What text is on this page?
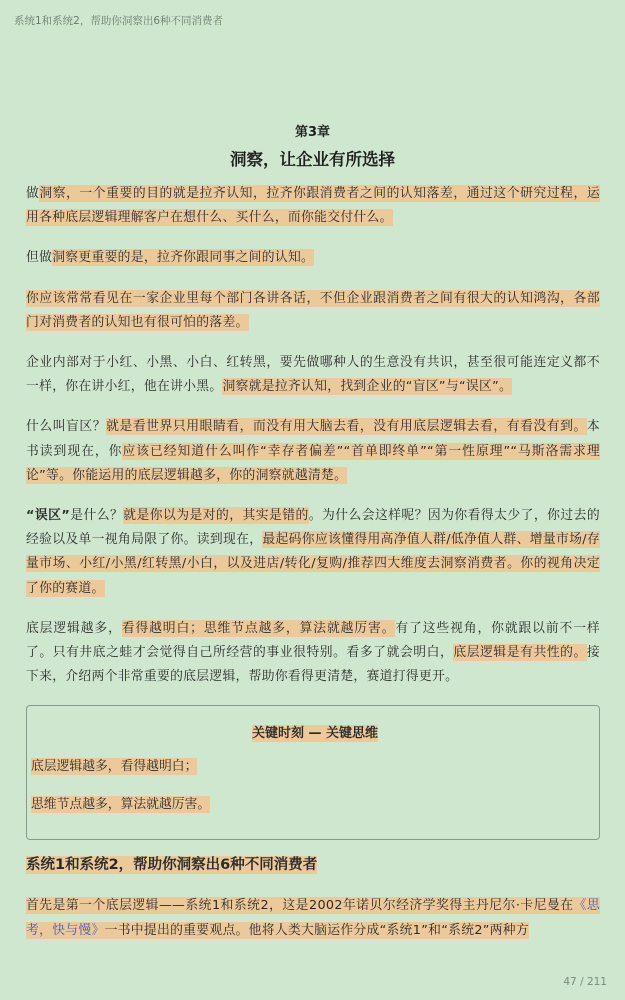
系统1和系统2，帮助你洞察出6种不同消费者
第3章
洞察，让企业有所选择

做洞察，一个重要的目的就是拉齐认知，拉齐你跟消费者之间的认知落差，通过这个研究过程，运用各种底层逻辑理解客户在想什么、买什么，而你能交付什么。

但做洞察更重要的是，拉齐你跟同事之间的认知。

你应该常常看见在一家企业里每个部门各讲各话，不但企业跟消费者之间有很大的认知鸿沟，各部门对消费者的认知也有很可怕的落差。

企业内部对于小红、小黑、小白、红转黑，要先做哪种人的生意没有共识，甚至很可能连定义都不一样，你在讲小红，他在讲小黑。洞察就是拉齐认知，找到企业的“盲区”与“误区”。

什么叫盲区？就是看世界只用眼睛看，而没有用大脑去看，没有用底层逻辑去看，有看没有到。本书读到现在，你应该已经知道什么叫作“幸存者偏差”“首单即终单”“第一性原理”“马斯洛需求理论”等。你能运用的底层逻辑越多，你的洞察就越清楚。

“误区”是什么？就是你以为是对的，其实是错的。为什么会这样呢？因为你看得太少了，你过去的经验以及单一视角局限了你。读到现在，最起码你应该懂得用高净值人群/低净值人群、增量市场/存量市场、小红/小黑/红转黑/小白，以及进店/转化/复购/推荐四大维度去洞察消费者。你的视角决定了你的赛道。

底层逻辑越多，看得越明白；思维节点越多，算法就越厉害。有了这些视角，你就跟以前不一样了。只有井底之蛙才会觉得自己所经营的事业很特别。看多了就会明白，底层逻辑是有共性的。接下来，介绍两个非常重要的底层逻辑，帮助你看得更清楚，赛道打得更开。

关键时刻 — 关键思维

底层逻辑越多，看得越明白；

思维节点越多，算法就越厉害。

系统1和系统2，帮助你洞察出6种不同消费者

首先是第一个底层逻辑——系统1和系统2，这是2002年诺贝尔经济学奖得主丹尼尔·卡尼曼在《思考，快与慢》一书中提出的重要观点。他将人类大脑运作分成“系统1”和“系统2”两种方

47 / 211
